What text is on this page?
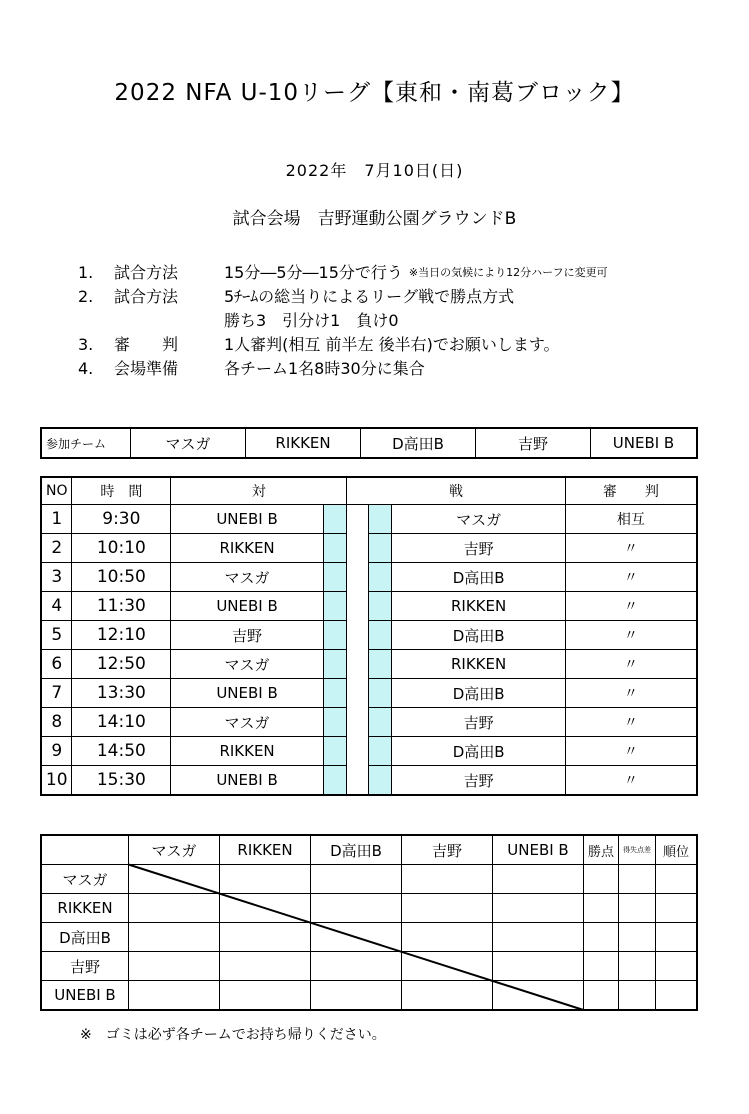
2022 NFA U-10リーグ【東和・南葛ブロック】
2022年　7月10日(日)
試合会場　吉野運動公園グラウンドB
1.	試合方法	15分―5分―15分で行う ※当日の気候により12分ハーフに変更可
2.	試合方法	5ﾁｰﾑの総当りによるリーグ戦で勝点方式
勝ち3　引分け1　負け0
3.	審　　判	1人審判(相互 前半左 後半右)でお願いします。
4.	会場準備	各チーム1名8時30分に集合
参加チーム	マスガ	RIKKEN	D高田B	吉野	UNEBI B
NO	時　間	対		戦			審　　判
1	9:30	UNEBI B				マスガ	相互
2	10:10	RIKKEN				吉野	〃
3	10:50	マスガ				D高田B	〃
4	11:30	UNEBI B				RIKKEN	〃
5	12:10	吉野				D高田B	〃
6	12:50	マスガ				RIKKEN	〃
7	13:30	UNEBI B				D高田B	〃
8	14:10	マスガ				吉野	〃
9	14:50	RIKKEN				D高田B	〃
10	15:30	UNEBI B				吉野	〃
	マスガ	RIKKEN	D高田B	吉野	UNEBI B	勝点	得失点差	順位
マスガ								
RIKKEN								
D高田B								
吉野								
UNEBI B								
※　ゴミは必ず各チームでお持ち帰りください。
